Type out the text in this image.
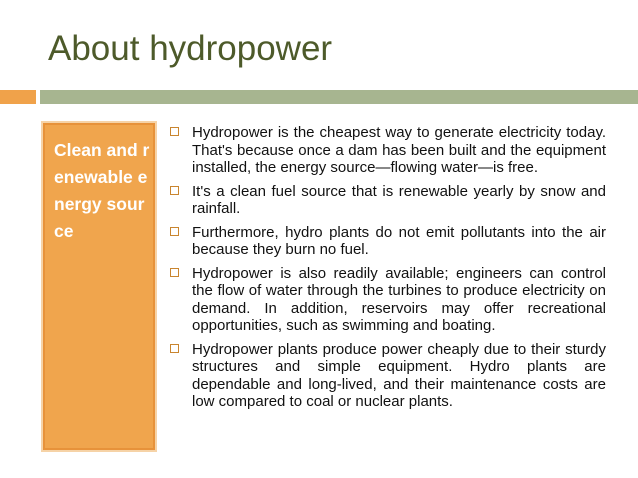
About hydropower
Clean and renewable energy source
Hydropower is the cheapest way to generate electricity today. That's because once a dam has been built and the equipment installed, the energy source—flowing water—is free.
It's a clean fuel source that is renewable yearly by snow and rainfall.
Furthermore, hydro plants do not emit pollutants into the air because they burn no fuel.
Hydropower is also readily available; engineers can control the flow of water through the turbines to produce electricity on demand. In addition, reservoirs may offer recreational opportunities, such as swimming and boating.
Hydropower plants produce power cheaply due to their sturdy structures and simple equipment. Hydro plants are dependable and long-lived, and their maintenance costs are low compared to coal or nuclear plants.
